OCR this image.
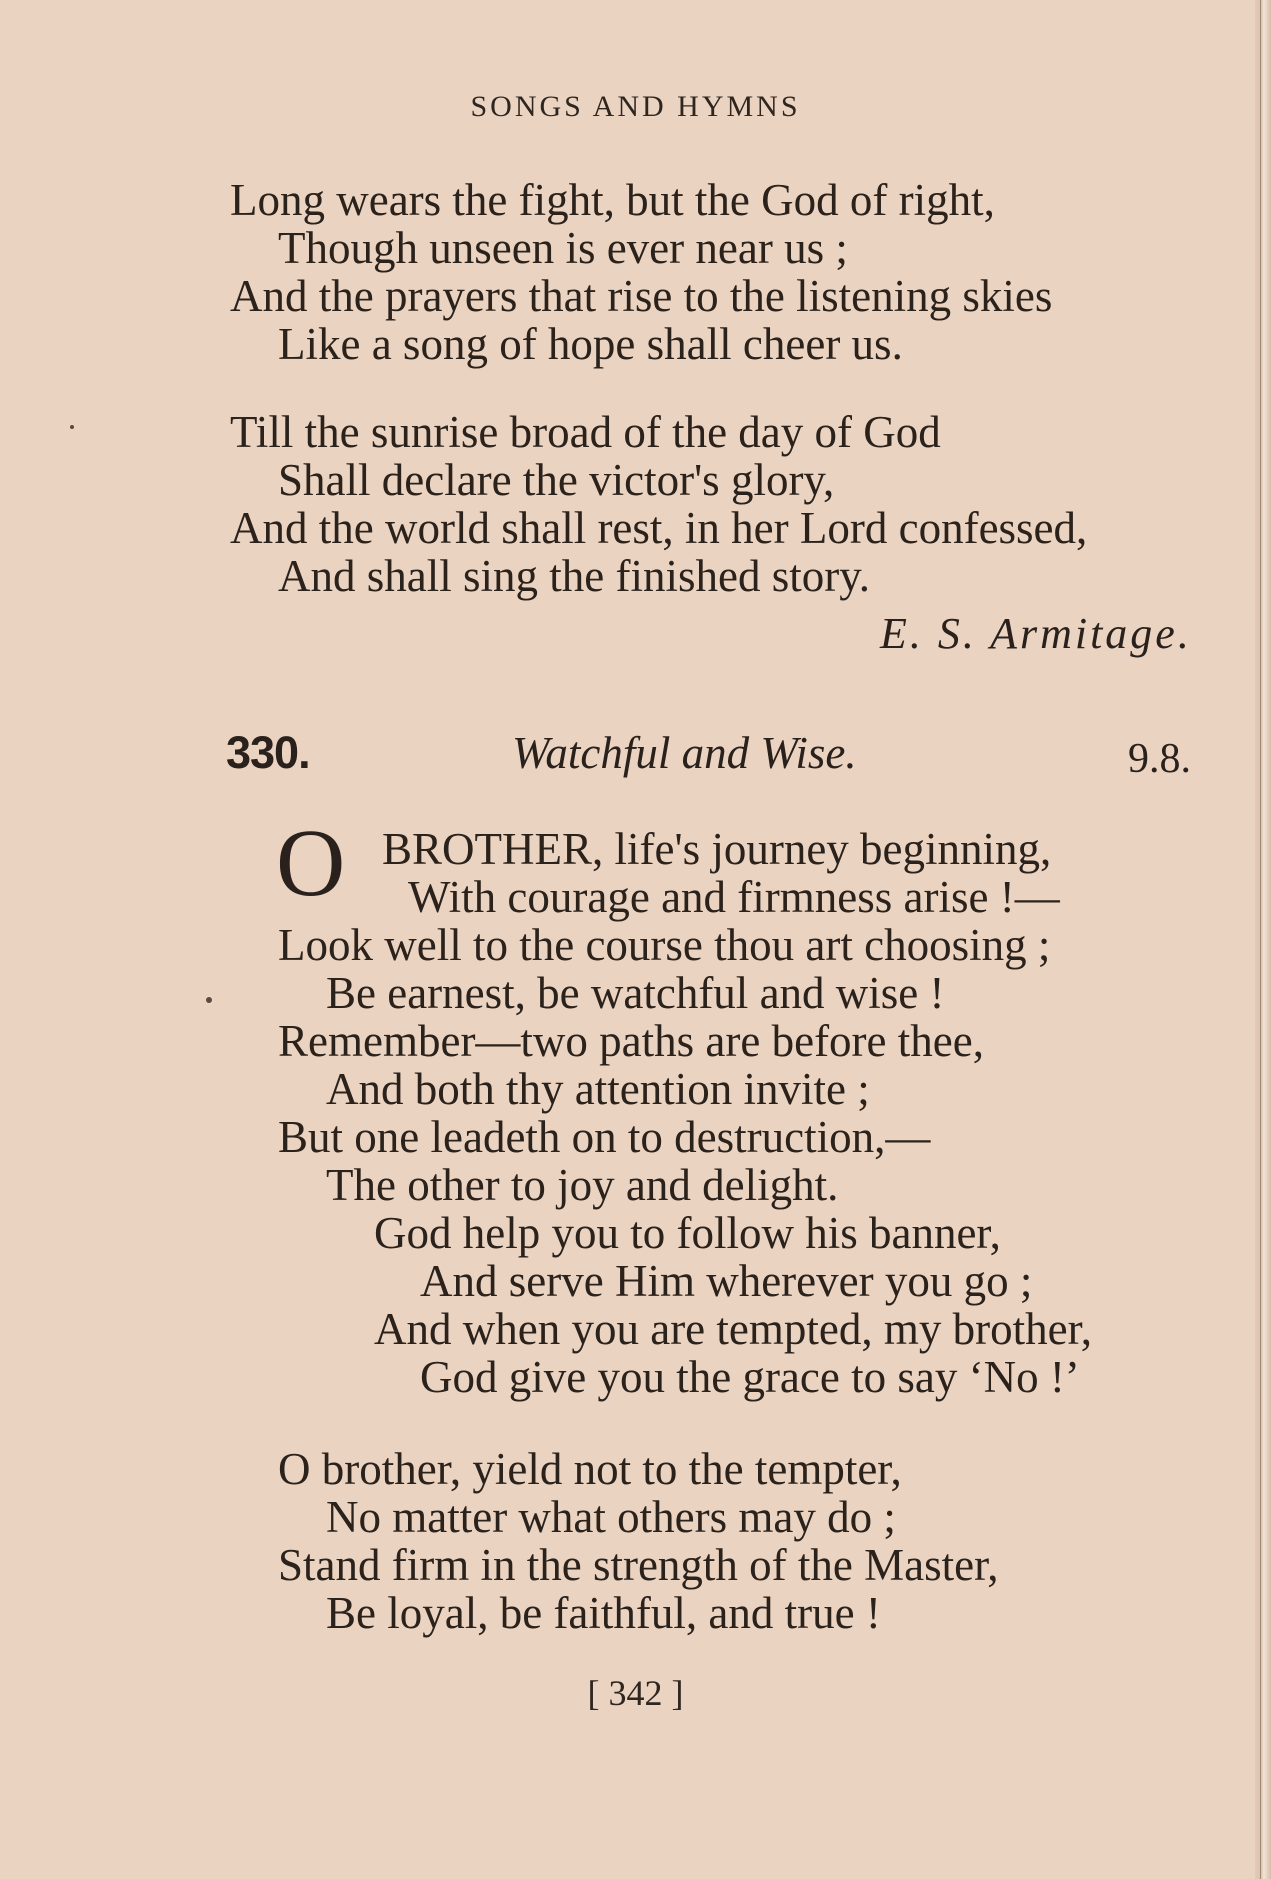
SONGS AND HYMNS
Long wears the fight, but the God of right,
Though unseen is ever near us ;
And the prayers that rise to the listening skies
Like a song of hope shall cheer us.
Till the sunrise broad of the day of God
Shall declare the victor's glory,
And the world shall rest, in her Lord confessed,
And shall sing the finished story.
E. S. Armitage.
330.	Watchful and Wise.	9.8.
O BROTHER, life's journey beginning,
With courage and firmness arise !—
Look well to the course thou art choosing ;
Be earnest, be watchful and wise !
Remember—two paths are before thee,
And both thy attention invite ;
But one leadeth on to destruction,—
The other to joy and delight.
God help you to follow his banner,
And serve Him wherever you go ;
And when you are tempted, my brother,
God give you the grace to say ‘No !’
O brother, yield not to the tempter,
No matter what others may do ;
Stand firm in the strength of the Master,
Be loyal, be faithful, and true !
[ 342 ]
